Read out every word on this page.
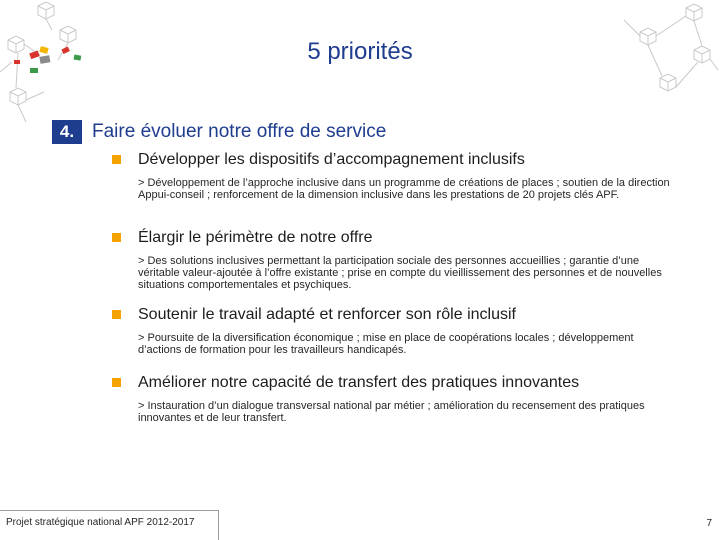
5 priorités
4. Faire évoluer notre offre de service
Développer les dispositifs d’accompagnement inclusifs
> Développement de l’approche inclusive dans un programme de créations de places ; soutien de la direction Appui-conseil ; renforcement de la dimension inclusive dans les prestations de 20 projets clés APF.
Élargir le périmètre de notre offre
> Des solutions inclusives permettant la participation sociale des personnes accueillies ; garantie d’une véritable valeur-ajoutée à l’offre existante ; prise en compte du vieillissement des personnes et de nouvelles situations comportementales et psychiques.
Soutenir le travail adapté et renforcer son rôle inclusif
> Poursuite de la diversification économique ; mise en place de coopérations locales ; développement d’actions de formation pour les travailleurs handicapés.
Améliorer notre capacité de transfert des pratiques innovantes
> Instauration d’un dialogue transversal national par métier ; amélioration du recensement des pratiques innovantes et de leur transfert.
Projet stratégique national APF 2012-2017	7
